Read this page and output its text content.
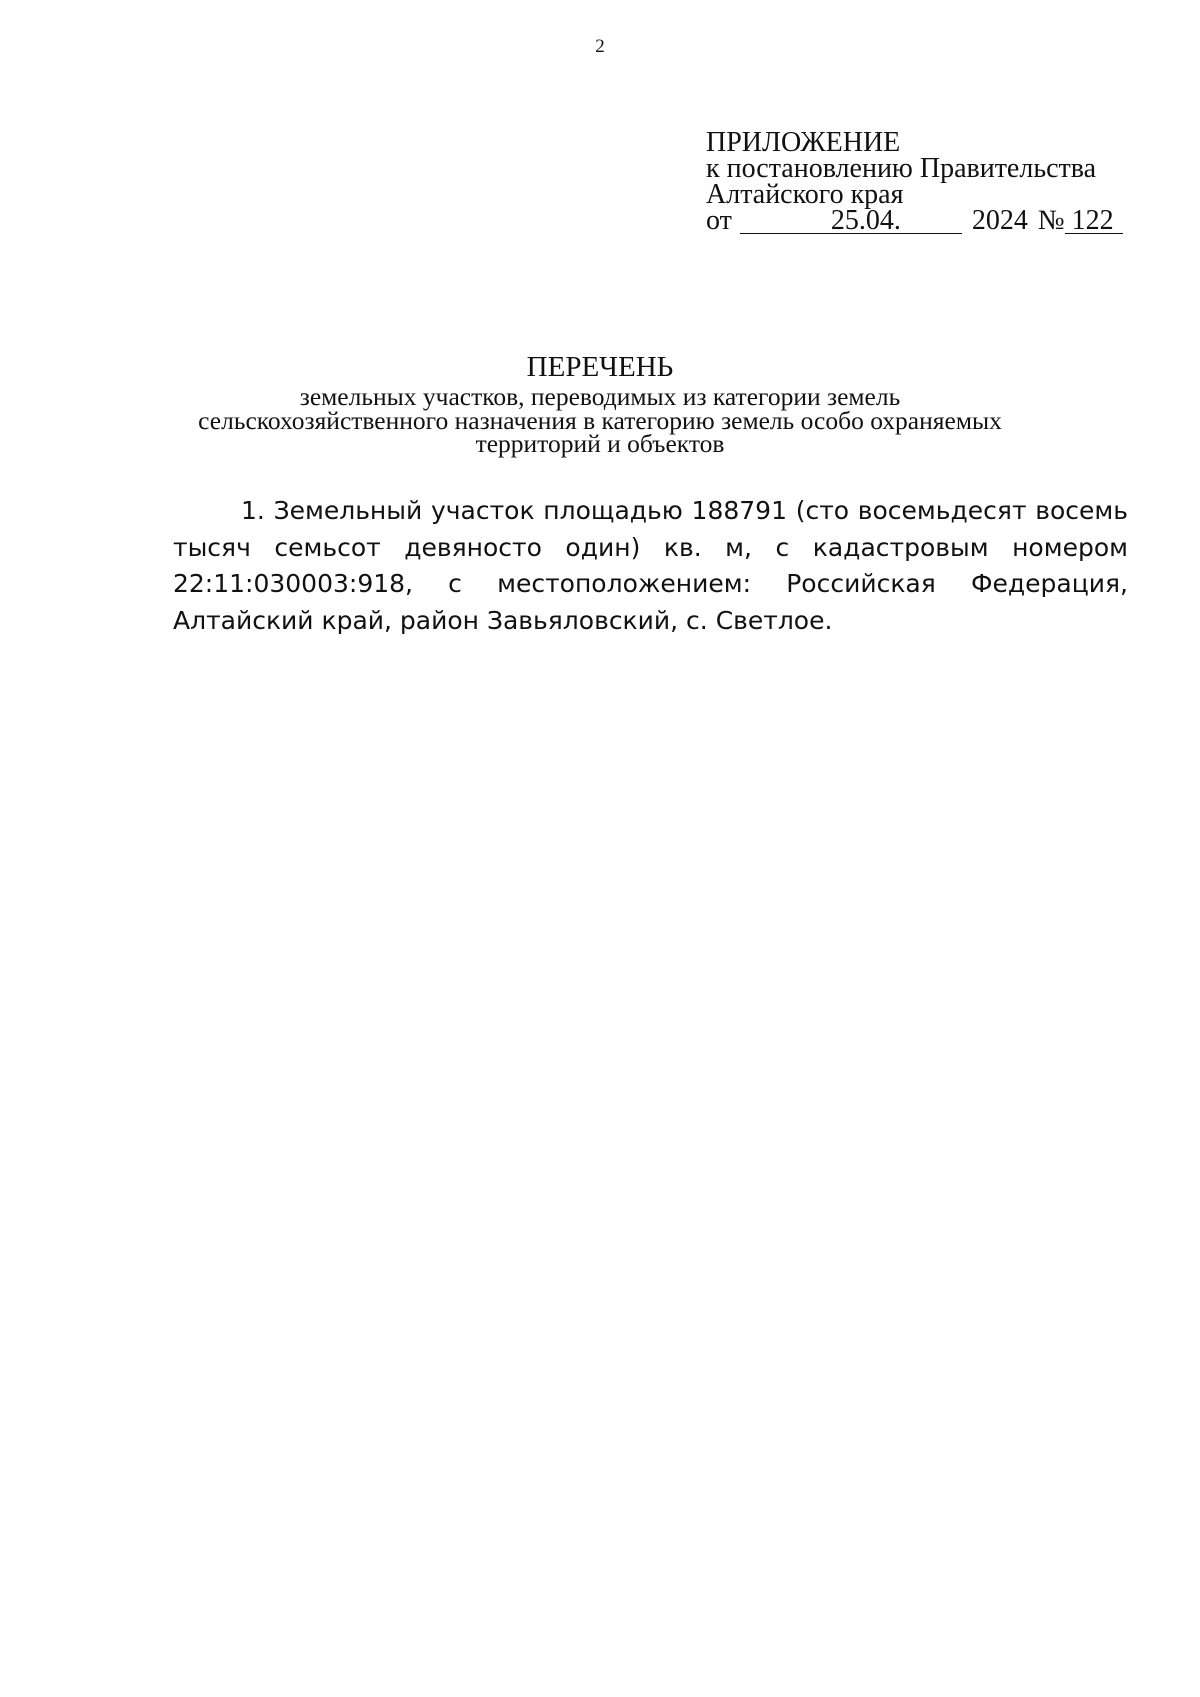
2
ПРИЛОЖЕНИЕ
к постановлению Правительства
Алтайского края
от	25.04.	2024 № 122
ПЕРЕЧЕНЬ
земельных участков, переводимых из категории земель
сельскохозяйственного назначения в категорию земель особо охраняемых
территорий и объектов
1. Земельный участок площадью 188791 (сто восемьдесят восемь тысяч семьсот девяносто один) кв. м, с кадастровым номером 22:11:030003:918, с местоположением: Российская Федерация, Алтайский край, район Завьяловский, с. Светлое.
